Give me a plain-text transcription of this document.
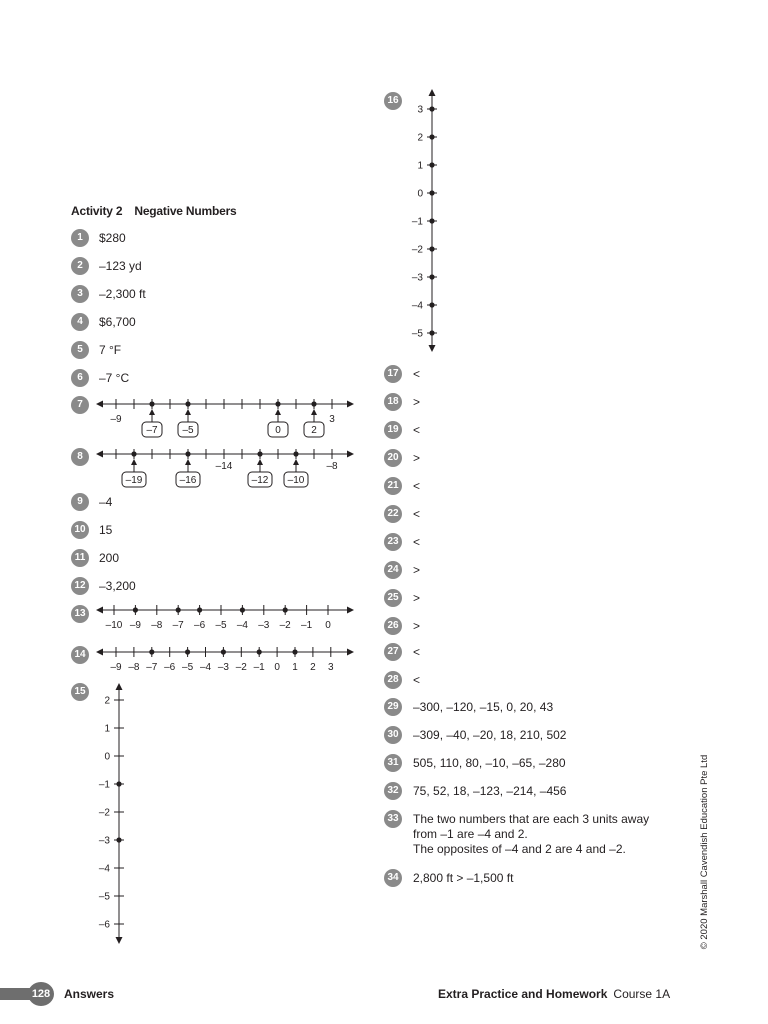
Activity 2 Negative Numbers
1	$280
2	–123 yd
3	–2,300 ft
4	$6,700
5	7 °F
6	–7 °C
7
8
9	–4
10 15
11	200
12 –3,200
13
14
15
16
17 <
18 >
19 <
20 >
21 <
22 <
23 <
24 >
25 >
26 >
27 <
28 <
29 –300, –120, –15, 0, 20, 43
30 –309, –40, –20, 18, 210, 502
31 505, 110, 80, –10, –65, –280
32 75, 52, 18, –123, –214, –456
33 The two numbers that are each 3 units away
from –1 are –4 and 2.
The opposites of –4 and 2 are 4 and –2.
34 2,800 ft > –1,500 ft
–9	3
–7 –5	0	2
–14	–8
–19	–16	–12 –10
–10 –9 –8 –7 –6 –5 –4 –3 –2 –1 0
–9 –8 –7 –6 –5 –4 –3 –2 –1 0 1 2 3
2
1
0
–1
–2
–3
–4
–5
–6
3
2
1
0
–1
–2
–3
–4
–5
© 2020 Marshall Cavendish Education Pte Ltd
128	Answers	Extra Practice and Homework Course 1A
